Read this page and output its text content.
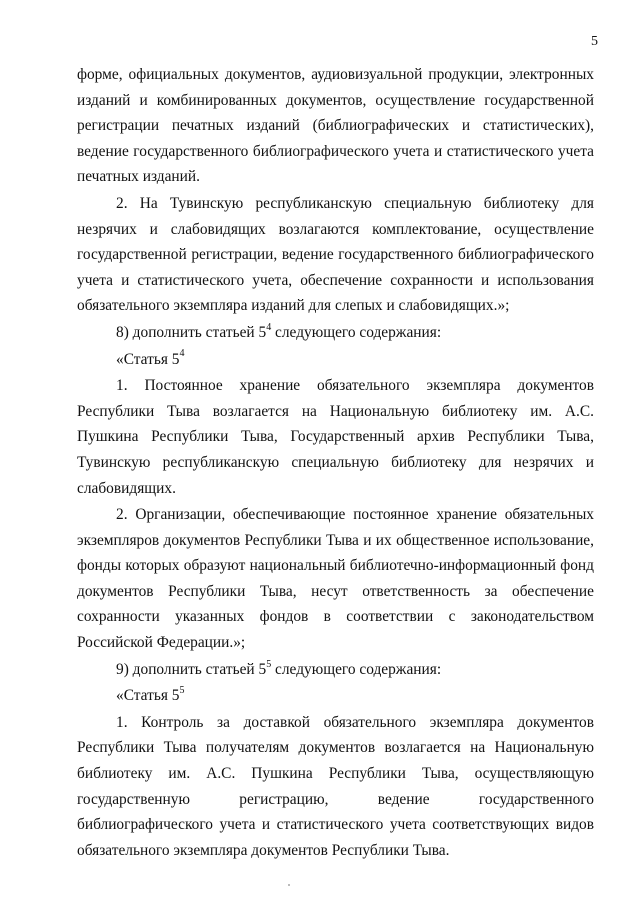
5

форме, официальных документов, аудиовизуальной продукции, электронных изданий и комбинированных документов, осуществление государственной регистрации печатных изданий (библиографических и статистических), ведение государственного библиографического учета и статистического учета печатных изданий.

2. На Тувинскую республиканскую специальную библиотеку для незрячих и слабовидящих возлагаются комплектование, осуществление государственной регистрации, ведение государственного библиографического учета и статистического учета, обеспечение сохранности и использования обязательного экземпляра изданий для слепых и слабовидящих.»;

8) дополнить статьей $5^4$ следующего содержания:

«Статья $5^4$

1. Постоянное хранение обязательного экземпляра документов Республики Тыва возлагается на Национальную библиотеку им. А.С. Пушкина Республики Тыва, Государственный архив Республики Тыва, Тувинскую республиканскую специальную библиотеку для незрячих и слабовидящих.

2. Организации, обеспечивающие постоянное хранение обязательных экземпляров документов Республики Тыва и их общественное использование, фонды которых образуют национальный библиотечно-информационный фонд документов Республики Тыва, несут ответственность за обеспечение сохранности указанных фондов в соответствии с законодательством Российской Федерации.»;

9) дополнить статьей $5^5$ следующего содержания:

«Статья $5^5$

1. Контроль за доставкой обязательного экземпляра документов Республики Тыва получателям документов возлагается на Национальную библиотеку им. А.С. Пушкина Республики Тыва, осуществляющую государственную регистрацию, ведение государственного библиографического учета и статистического учета соответствующих видов обязательного экземпляра документов Республики Тыва.
